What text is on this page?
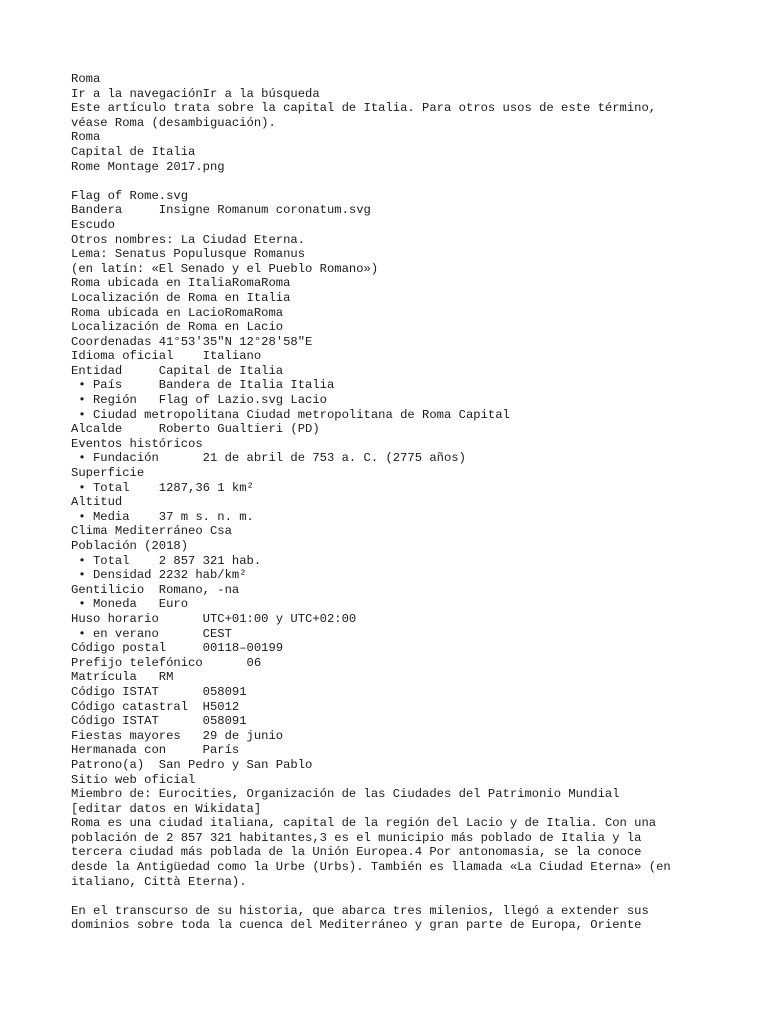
Roma
Ir a la navegaciónIr a la búsqueda
Este artículo trata sobre la capital de Italia. Para otros usos de este término,
véase Roma (desambiguación).
Roma
Capital de Italia
Rome Montage 2017.png
Flag of Rome.svg
Bandera     Insigne Romanum coronatum.svg
Escudo
Otros nombres: La Ciudad Eterna.
Lema: Senatus Populusque Romanus
(en latín: «El Senado y el Pueblo Romano»)
Roma ubicada en ItaliaRomaRoma
Localización de Roma en Italia
Roma ubicada en LacioRomaRoma
Localización de Roma en Lacio
Coordenadas 41°53′35″N 12°28′58″E
Idioma oficial    Italiano
Entidad     Capital de Italia
• País     Bandera de Italia Italia
• Región   Flag of Lazio.svg Lacio
• Ciudad metropolitana Ciudad metropolitana de Roma Capital
Alcalde     Roberto Gualtieri (PD)
Eventos históricos
• Fundación      21 de abril de 753 a. C. (2775 años)
Superficie
• Total    1287,36 1 km²
Altitud
• Media    37 m s. n. m.
Clima Mediterráneo Csa
Población (2018)
• Total    2 857 321 hab.
• Densidad 2232 hab/km²
Gentilicio  Romano, -na
• Moneda   Euro
Huso horario      UTC+01:00 y UTC+02:00
• en verano      CEST
Código postal     00118–00199
Prefijo telefónico      06
Matrícula   RM
Código ISTAT      058091
Código catastral  H5012
Código ISTAT      058091
Fiestas mayores   29 de junio
Hermanada con     París
Patrono(a)  San Pedro y San Pablo
Sitio web oficial
Miembro de: Eurocities, Organización de las Ciudades del Patrimonio Mundial
[editar datos en Wikidata]
Roma es una ciudad italiana, capital de la región del Lacio y de Italia. Con una
población de 2 857 321 habitantes,3 es el municipio más poblado de Italia y la
tercera ciudad más poblada de la Unión Europea.4 Por antonomasia, se la conoce
desde la Antigüedad como la Urbe (Urbs). También es llamada «La Ciudad Eterna» (en
italiano, Città Eterna).
En el transcurso de su historia, que abarca tres milenios, llegó a extender sus
dominios sobre toda la cuenca del Mediterráneo y gran parte de Europa, Oriente
